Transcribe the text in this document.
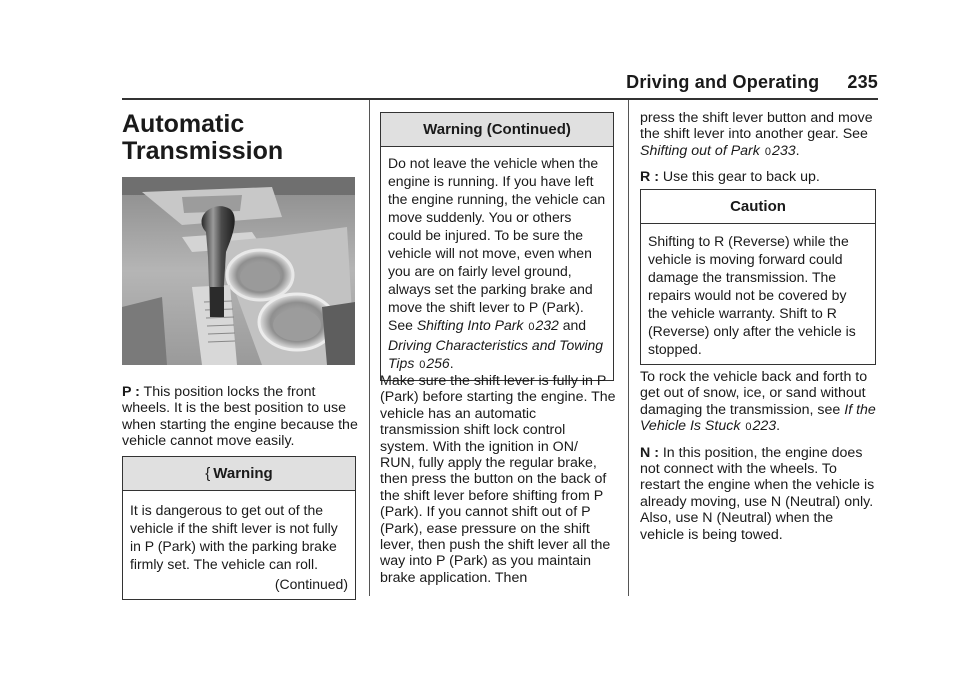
Driving and Operating 235
Automatic
Transmission

P : This position locks the front wheels. It is the best position to use when starting the engine because the vehicle cannot move easily.

{ Warning

It is dangerous to get out of the vehicle if the shift lever is not fully in P (Park) with the parking brake firmly set. The vehicle can roll.

(Continued)

Warning (Continued)

Do not leave the vehicle when the engine is running. If you have left the engine running, the vehicle can move suddenly. You or others could be injured. To be sure the vehicle will not move, even when you are on fairly level ground, always set the parking brake and move the shift lever to P (Park). See Shifting Into Park 0232 and Driving Characteristics and Towing Tips 0256.

Make sure the shift lever is fully in P (Park) before starting the engine. The vehicle has an automatic transmission shift lock control system. With the ignition in ON/ RUN, fully apply the regular brake, then press the button on the back of the shift lever before shifting from P (Park). If you cannot shift out of P (Park), ease pressure on the shift lever, then push the shift lever all the way into P (Park) as you maintain brake application. Then

press the shift lever button and move the shift lever into another gear. See Shifting out of Park 0233.

R : Use this gear to back up.

Caution

Shifting to R (Reverse) while the vehicle is moving forward could damage the transmission. The repairs would not be covered by the vehicle warranty. Shift to R (Reverse) only after the vehicle is stopped.

To rock the vehicle back and forth to get out of snow, ice, or sand without damaging the transmission, see If the Vehicle Is Stuck 0223.

N : In this position, the engine does not connect with the wheels. To restart the engine when the vehicle is already moving, use N (Neutral) only. Also, use N (Neutral) when the vehicle is being towed.
